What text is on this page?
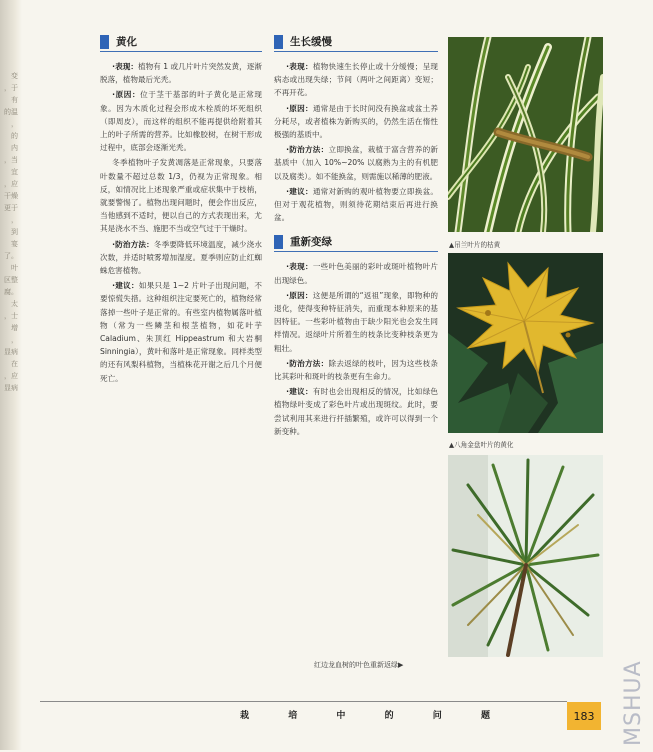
变
，于
有
的温
，
的
内
，当
宜
，应
干燥
更于
，
到
宴
了。
叶
区整
腐。
太
，士
增
，
显病
在
，应
显病
黄化

·表现：植物有 1 或几片叶片突然发黄，逐渐脱落，植物最后光秃。

·原因：位于茎干基部的叶子黄化是正常现象。因为木质化过程会形成木栓质的坏死组织（即周皮），而这样的组织不能再提供给附着其上的叶子所需的营养。比如橡胶树，在树干形成过程中，底部会逐渐光秃。

冬季植物叶子发黄凋落是正常现象，只要落叶数量不超过总数 1/3，仍视为正常现象。相反，如情况比上述现象严重或症状集中于枝梢，就要警惕了。植物出现问题时，便会作出反应，当他感到不适时，便以自己的方式表现出来，尤其是浇水不当、施肥不当或空气过于干燥时。

·防治方法：冬季要降低环境温度，减少浇水次数，并适时喷雾增加湿度。夏季则应防止红蜘蛛危害植物。

·建议：如果只是 1~2 片叶子出现问题，不要惊慌失措。这种组织注定要死亡的，植物经常落掉一些叶子是正常的。有些室内植物属落叶植物（常为一些鳞茎和根茎植物，如花叶芋 Caladium、朱顶红 Hippeastrum 和大岩桐 Sinningia），黄叶和落叶是正常现象。同样类型的还有风梨科植物，当植株花开谢之后几个月便死亡。

生长缓慢

·表现：植物快速生长停止或十分缓慢；呈现病态或出现失绿；节间（两叶之间距离）变短；不再开花。

·原因：通常是由于长时间没有换盆或盆土养分耗尽，或者植株为新购买的，仍然生活在惰性极强的基质中。

·防治方法：立即换盆，栽植于富含营养的新基质中（加入 10%~20% 以腐熟为主的有机肥以及腐类）。如不能换盆，则需施以稀薄的肥液。

·建议：通常对新购的观叶植物要立即换盆。但对于观花植物，则须待花期结束后再进行换盆。

重新变绿

·表现：一些叶色美丽的彩叶或斑叶植物叶片出现绿色。

·原因：这便是所谓的“返祖”现象，即物种的退化，使得变种特征消失，而重现本种原来的基因特征。一些彩叶植物由于缺少阳光也会发生同样情况。返绿叶片所着生的枝条比变种枝条更为粗壮。

·防治方法：除去返绿的枝叶，因为这些枝条比其彩叶和斑叶的枝条更有生命力。

·建议：有时也会出现相反的情况，比如绿色植物绿叶变成了彩色叶片或出现斑纹。此时，要尝试利用其来进行扦插繁殖，或许可以得到一个新变种。

▲吊兰叶片的枯黄
▲八角金盘叶片的黄化
红边龙血树的叶色重新返绿▶
栽	培	中	的	问	题	183 MSHUA
